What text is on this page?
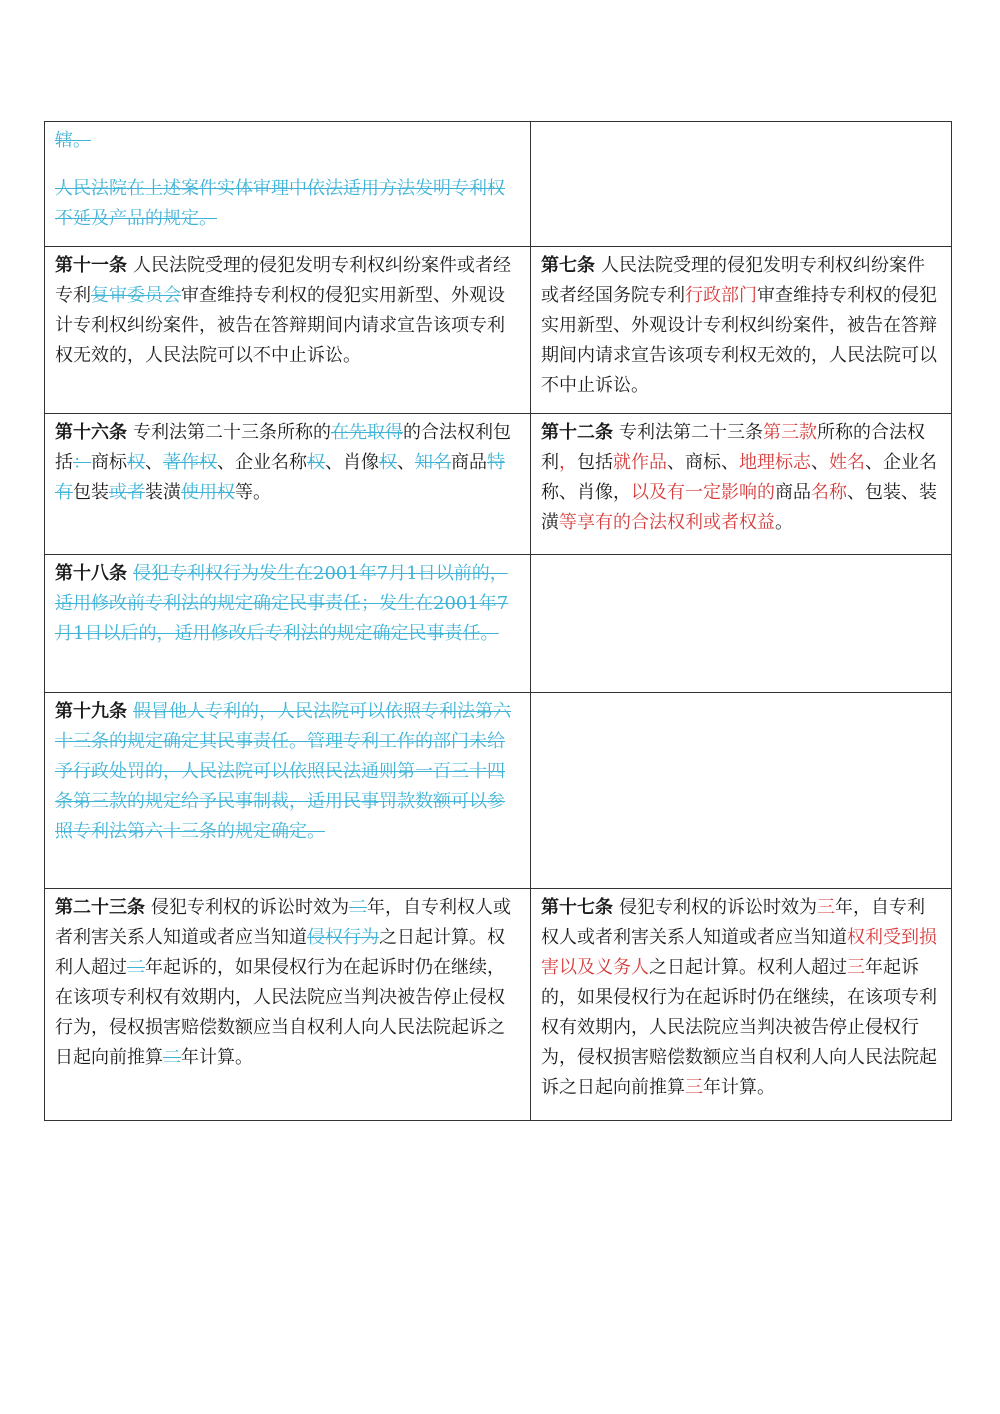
辖。

人民法院在上述案件实体审理中依法适用方法发明专利权不延及产品的规定。	

第十一条 人民法院受理的侵犯发明专利权纠纷案件或者经专利复审委员会审查维持专利权的侵犯实用新型、外观设计专利权纠纷案件，被告在答辩期间内请求宣告该项专利权无效的，人民法院可以不中止诉讼。	第七条 人民法院受理的侵犯发明专利权纠纷案件或者经国务院专利行政部门审查维持专利权的侵犯实用新型、外观设计专利权纠纷案件，被告在答辩期间内请求宣告该项专利权无效的，人民法院可以不中止诉讼。

第十六条 专利法第二十三条所称的在先取得的合法权利包括：商标权、著作权、企业名称权、肖像权、知名商品特有包装或者装潢使用权等。	第十二条 专利法第二十三条第三款所称的合法权利，包括就作品、商标、地理标志、姓名、企业名称、肖像，以及有一定影响的商品名称、包装、装潢等享有的合法权利或者权益。

第十八条 侵犯专利权行为发生在2001年7月1日以前的，适用修改前专利法的规定确定民事责任；发生在2001年7月1日以后的，适用修改后专利法的规定确定民事责任。	

第十九条 假冒他人专利的，人民法院可以依照专利法第六十三条的规定确定其民事责任。管理专利工作的部门未给予行政处罚的，人民法院可以依照民法通则第一百三十四条第三款的规定给予民事制裁，适用民事罚款数额可以参照专利法第六十三条的规定确定。	

第二十三条 侵犯专利权的诉讼时效为二年，自专利权人或者利害关系人知道或者应当知道侵权行为之日起计算。权利人超过二年起诉的，如果侵权行为在起诉时仍在继续，在该项专利权有效期内，人民法院应当判决被告停止侵权行为，侵权损害赔偿数额应当自权利人向人民法院起诉之日起向前推算二年计算。	第十七条 侵犯专利权的诉讼时效为三年，自专利权人或者利害关系人知道或者应当知道权利受到损害以及义务人之日起计算。权利人超过三年起诉的，如果侵权行为在起诉时仍在继续，在该项专利权有效期内，人民法院应当判决被告停止侵权行为，侵权损害赔偿数额应当自权利人向人民法院起诉之日起向前推算三年计算。
